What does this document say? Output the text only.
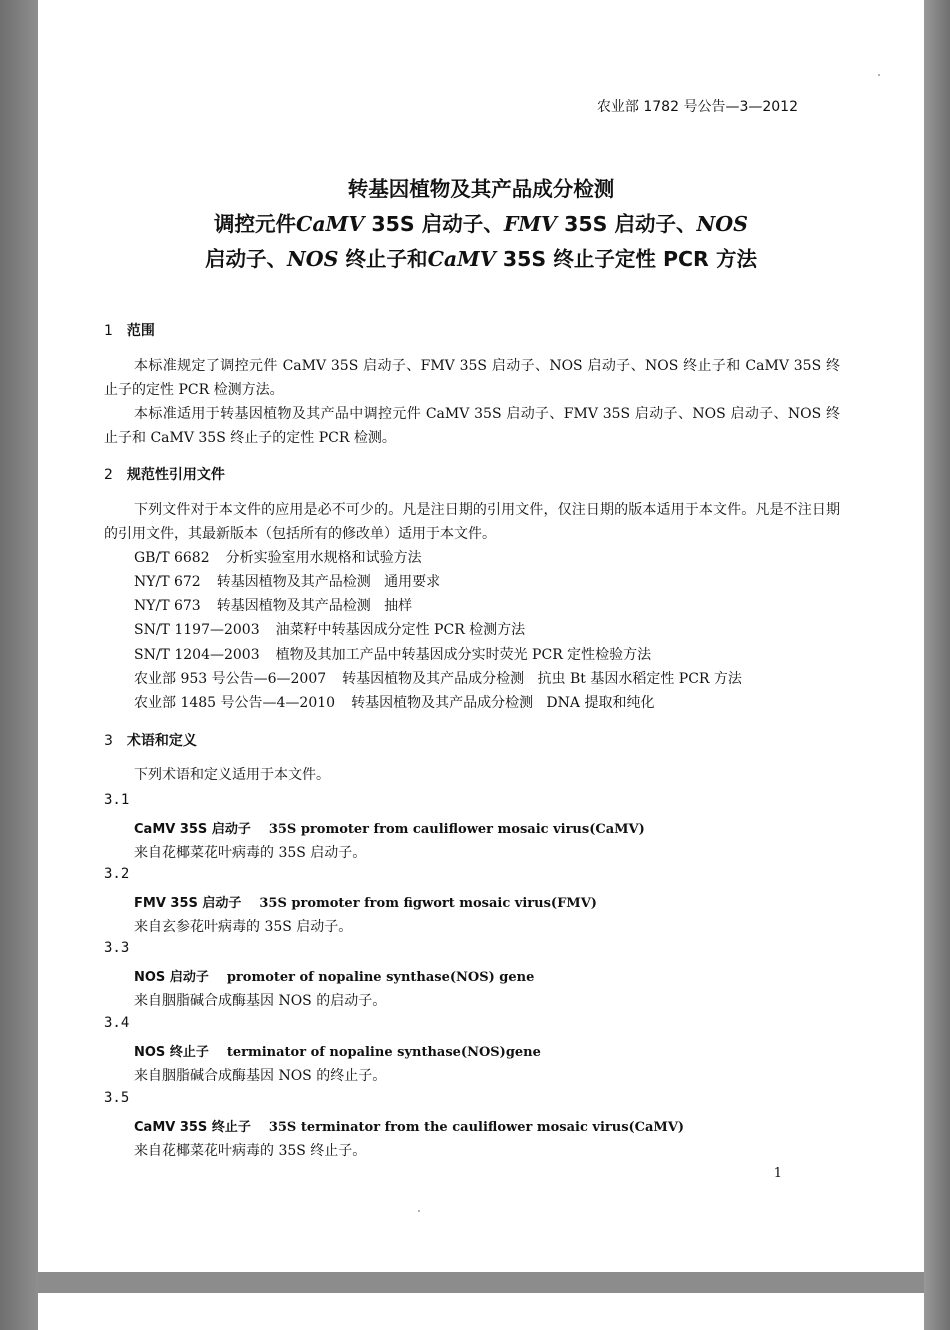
农业部 1782 号公告—3—2012
转基因植物及其产品成分检测
调控元件CaMV 35S 启动子、FMV 35S 启动子、NOS
启动子、NOS 终止子和CaMV 35S 终止子定性 PCR 方法
1 范围
本标准规定了调控元件 CaMV 35S 启动子、FMV 35S 启动子、NOS 启动子、NOS 终止子和 CaMV 35S 终止子的定性 PCR 检测方法。
本标准适用于转基因植物及其产品中调控元件 CaMV 35S 启动子、FMV 35S 启动子、NOS 启动子、NOS 终止子和 CaMV 35S 终止子的定性 PCR 检测。
2 规范性引用文件
下列文件对于本文件的应用是必不可少的。凡是注日期的引用文件，仅注日期的版本适用于本文件。凡是不注日期的引用文件，其最新版本（包括所有的修改单）适用于本文件。
GB/T 6682 分析实验室用水规格和试验方法
NY/T 672 转基因植物及其产品检测   通用要求
NY/T 673 转基因植物及其产品检测   抽样
SN/T 1197—2003 油菜籽中转基因成分定性 PCR 检测方法
SN/T 1204—2003 植物及其加工产品中转基因成分实时荧光 PCR 定性检验方法
农业部 953 号公告—6—2007 转基因植物及其产品成分检测   抗虫 Bt 基因水稻定性 PCR 方法
农业部 1485 号公告—4—2010 转基因植物及其产品成分检测   DNA 提取和纯化
3 术语和定义
下列术语和定义适用于本文件。
3.1
CaMV 35S 启动子 35S promoter from cauliflower mosaic virus(CaMV)
来自花椰菜花叶病毒的 35S 启动子。
3.2
FMV 35S 启动子 35S promoter from figwort mosaic virus(FMV)
来自玄参花叶病毒的 35S 启动子。
3.3
NOS 启动子 promoter of nopaline synthase(NOS) gene
来自胭脂碱合成酶基因 NOS 的启动子。
3.4
NOS 终止子 terminator of nopaline synthase(NOS)gene
来自胭脂碱合成酶基因 NOS 的终止子。
3.5
CaMV 35S 终止子 35S terminator from the cauliflower mosaic virus(CaMV)
来自花椰菜花叶病毒的 35S 终止子。
1
